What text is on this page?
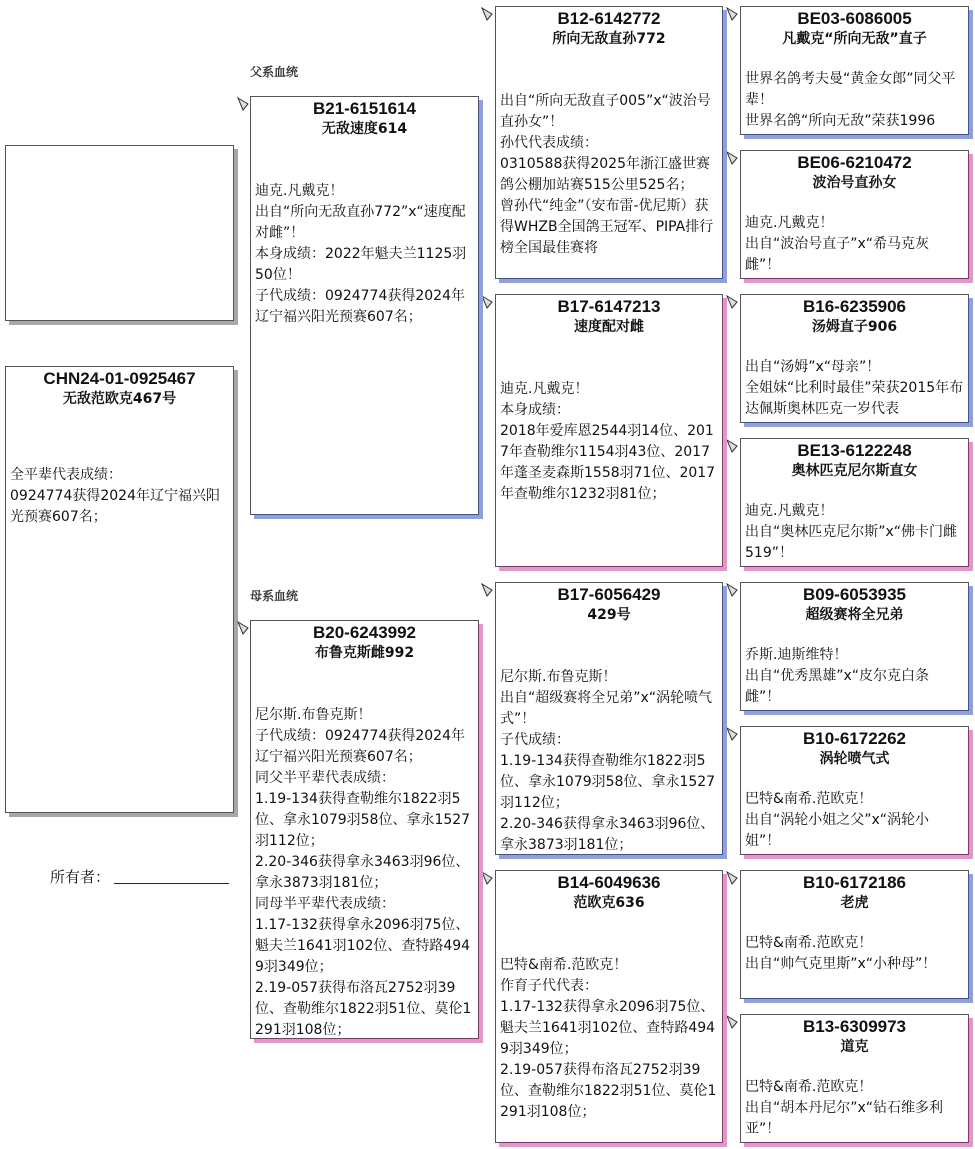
CHN24-01-0925467
无敌范欧克467号
全平辈代表成绩：
0924774获得2024年辽宁福兴阳光预赛607名；
所有者：
父系血统
母系血统
B21-6151614
无敌速度614
迪克.凡戴克！
出自“所向无敌直孙772”x“速度配对雌”！
本身成绩：2022年魁夫兰1125羽50位！
子代成绩：0924774获得2024年辽宁福兴阳光预赛607名；
B20-6243992
布鲁克斯雌992
尼尔斯.布鲁克斯！
子代成绩：0924774获得2024年辽宁福兴阳光预赛607名；
同父半平辈代表成绩：
1.19-134获得查勒维尔1822羽5位、拿永1079羽58位、拿永1527羽112位；
2.20-346获得拿永3463羽96位、拿永3873羽181位；
同母半平辈代表成绩：
1.17-132获得拿永2096羽75位、魁夫兰1641羽102位、查特路4949羽349位；
2.19-057获得布洛瓦2752羽39位、查勒维尔1822羽51位、莫伦1291羽108位；
B12-6142772
所向无敌直孙772
出自“所向无敌直子005”x“波治号直孙女”！
孙代代表成绩：
0310588获得2025年浙江盛世赛鸽公棚加站赛515公里525名；
曾孙代“纯金”（安布雷-优尼斯）获得WHZB全国鸽王冠军、PIPA排行榜全国最佳赛将
B17-6147213
速度配对雌
迪克.凡戴克！
本身成绩：
2018年爱库恩2544羽14位、2017年查勒维尔1154羽43位、2017年蓬圣麦森斯1558羽71位、2017年查勒维尔1232羽81位；
B17-6056429
429号
尼尔斯.布鲁克斯！
出自“超级赛将全兄弟”x“涡轮喷气式”！
子代成绩：
1.19-134获得查勒维尔1822羽5位、拿永1079羽58位、拿永1527羽112位；
2.20-346获得拿永3463羽96位、拿永3873羽181位；
B14-6049636
范欧克636
巴特&南希.范欧克！
作育子代代表：
1.17-132获得拿永2096羽75位、魁夫兰1641羽102位、查特路4949羽349位；
2.19-057获得布洛瓦2752羽39位、查勒维尔1822羽51位、莫伦1291羽108位；
BE03-6086005
凡戴克“所向无敌”直子
世界名鸽考夫曼“黄金女郎”同父平辈！
世界名鸽“所向无敌”荣获1996
BE06-6210472
波治号直孙女
迪克.凡戴克！
出自“波治号直子”x“希马克灰雌”！
B16-6235906
汤姆直子906
出自“汤姆”x“母亲”！
全姐妹“比利时最佳”荣获2015年布达佩斯奥林匹克一岁代表
BE13-6122248
奥林匹克尼尔斯直女
迪克.凡戴克！
出自“奥林匹克尼尔斯”x“佛卡门雌519”！
B09-6053935
超级赛将全兄弟
乔斯.迪斯维特！
出自“优秀黑雄”x“皮尔克白条雌”！
B10-6172262
涡轮喷气式
巴特&南希.范欧克！
出自“涡轮小姐之父”x“涡轮小姐”！
B10-6172186
老虎
巴特&南希.范欧克！
出自“帅气克里斯”x“小种母”！
B13-6309973
道克
巴特&南希.范欧克！
出自“胡本丹尼尔”x“钻石维多利亚”！
